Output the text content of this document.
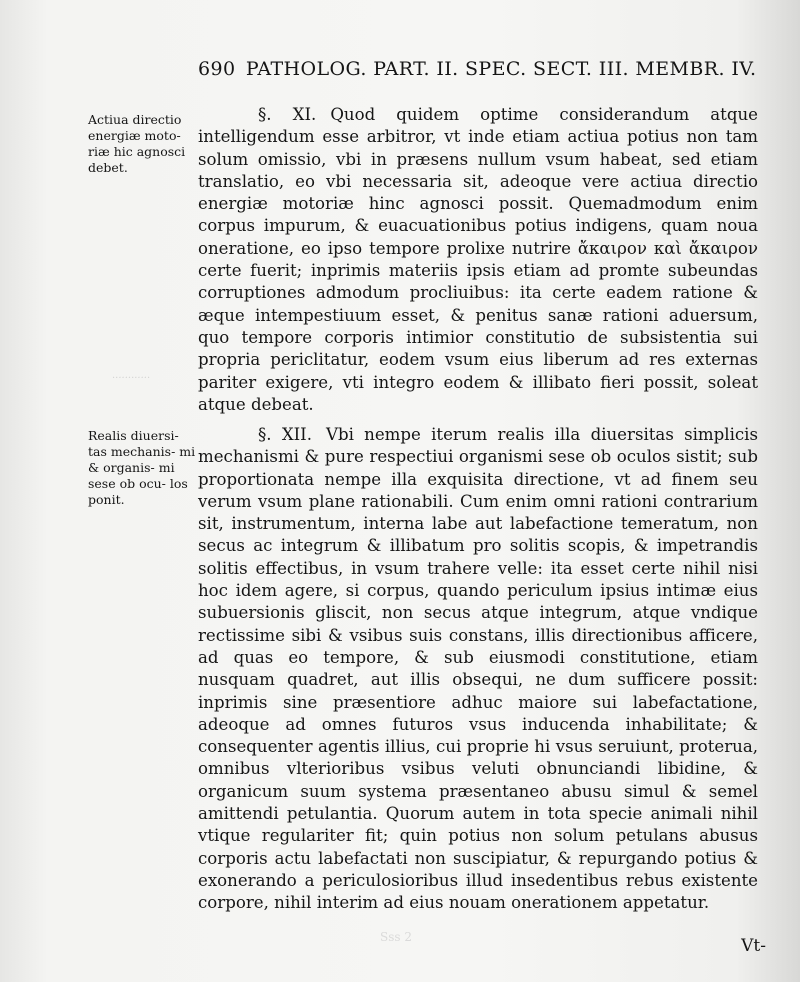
············
690 PATHOLOG. PART. II. SPEC. SECT. III. MEMBR. IV.
Actiua directio energiæ moto- riæ hic agnosci debet.

§. XI. Quod quidem optime considerandum atque intelligendum esse arbitror, vt inde etiam actiua potius non tam solum omissio, vbi in præsens nullum vsum habeat, sed etiam translatio, eo vbi necessaria sit, adeoque vere actiua directio energiæ motoriæ hinc agnosci possit. Quemadmodum enim corpus impurum, & euacuationibus potius indigens, quam noua oneratione, eo ipso tempore prolixe nutrire ἄκαιρον καὶ ἄκαιρον certe fuerit; inprimis materiis ipsis etiam ad promte subeundas corruptiones admodum procliuibus: ita certe eadem ratione & æque intempestiuum esset, & penitus sanæ rationi aduersum, quo tempore corporis intimior constitutio de subsistentia sui propria periclitatur, eodem vsum eius liberum ad res externas pariter exigere, vti integro eodem & illibato fieri possit, soleat atque debeat.

Realis diuersi- tas mechanis- mi & organis- mi sese ob ocu- los ponit.

§. XII. Vbi nempe iterum realis illa diuersitas simplicis mechanismi & pure respectiui organismi sese ob oculos sistit; sub proportionata nempe illa exquisita directione, vt ad finem seu verum vsum plane rationabili. Cum enim omni rationi contrarium sit, instrumentum, interna labe aut labefactione temeratum, non secus ac integrum & illibatum pro solitis scopis, & impetrandis solitis effectibus, in vsum trahere velle: ita esset certe nihil nisi hoc idem agere, si corpus, quando periculum ipsius intimæ eius subuersionis gliscit, non secus atque integrum, atque vndique rectissime sibi & vsibus suis constans, illis directionibus afficere, ad quas eo tempore, & sub eiusmodi constitutione, etiam nusquam quadret, aut illis obsequi, ne dum sufficere possit: inprimis sine præsentiore adhuc maiore sui labefactatione, adeoque ad omnes futuros vsus inducenda inhabilitate; & consequenter agentis illius, cui proprie hi vsus seruiunt, proterua, omnibus vlterioribus vsibus veluti obnunciandi libidine, & organicum suum systema præsentaneo abusu simul & semel amittendi petulantia. Quorum autem in tota specie animali nihil vtique regulariter fit; quin potius non solum petulans abusus corporis actu labefactati non suscipiatur, & repurgando potius & exonerando a periculosioribus illud insedentibus rebus existente corpore, nihil interim ad eius nouam onerationem appetatur.

Sss 2	Vt-
